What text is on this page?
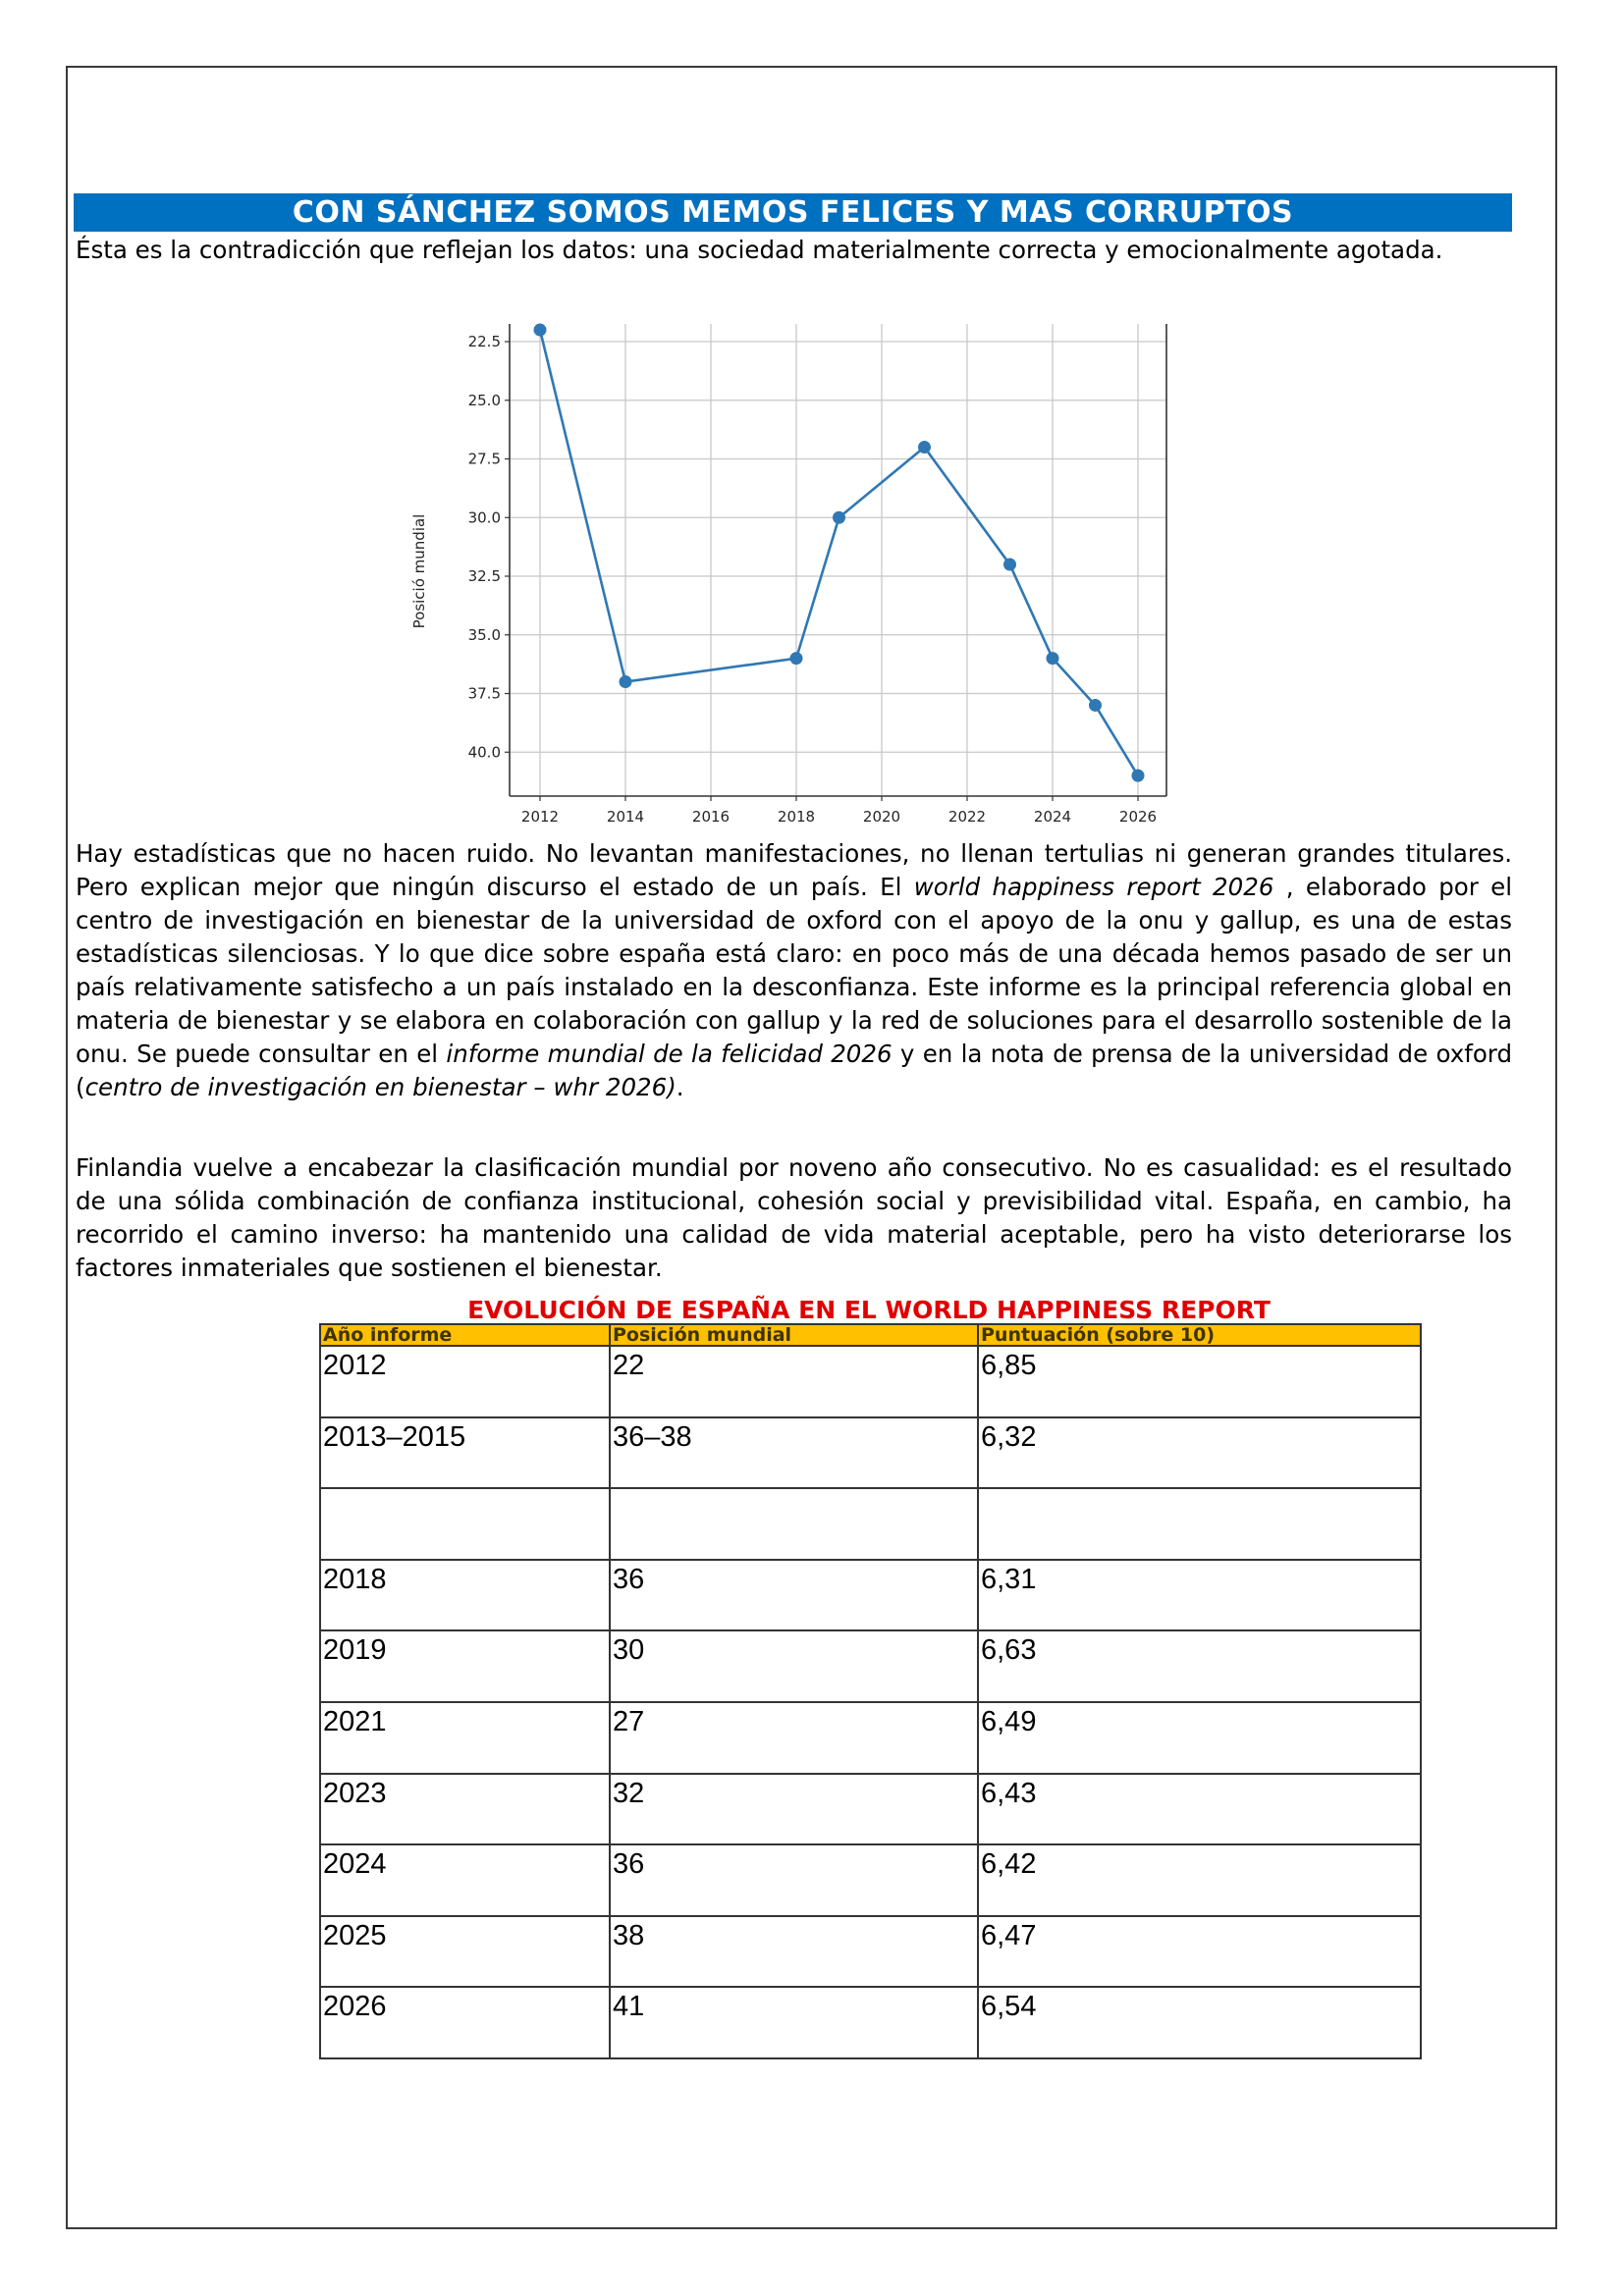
CON SÁNCHEZ SOMOS MEMOS FELICES Y MAS CORRUPTOS

Ésta es la contradicción que reflejan los datos: una sociedad materialmente correcta y emocionalmente agotada.

2012	2014	2016	2018	2020	2022	2024	2026
22.5
25.0
27.5
30.0
32.5
35.0
37.5
40.0
Posició mundial

Hay estadísticas que no hacen ruido. No levantan manifestaciones, no llenan tertulias ni generan grandes titulares. Pero explican mejor que ningún discurso el estado de un país. El world happiness report 2026 , elaborado por el centro de investigación en bienestar de la universidad de oxford con el apoyo de la onu y gallup, es una de estas estadísticas silenciosas. Y lo que dice sobre españa está claro: en poco más de una década hemos pasado de ser un país relativamente satisfecho a un país instalado en la desconfianza. Este informe es la principal referencia global en materia de bienestar y se elabora en colaboración con gallup y la red de soluciones para el desarrollo sostenible de la onu. Se puede consultar en el informe mundial de la felicidad 2026 y en la nota de prensa de la universidad de oxford (centro de investigación en bienestar – whr 2026).

Finlandia vuelve a encabezar la clasificación mundial por noveno año consecutivo. No es casualidad: es el resultado de una sólida combinación de confianza institucional, cohesión social y previsibilidad vital. España, en cambio, ha recorrido el camino inverso: ha mantenido una calidad de vida material aceptable, pero ha visto deteriorarse los factores inmateriales que sostienen el bienestar.

EVOLUCIÓN DE ESPAÑA EN EL WORLD HAPPINESS REPORT
Año informe	Posición mundial	Puntuación (sobre 10)
2012	22	6,85
2013–2015	36–38	6,32

2018	36	6,31
2019	30	6,63
2021	27	6,49
2023	32	6,43
2024	36	6,42
2025	38	6,47
2026	41	6,54
